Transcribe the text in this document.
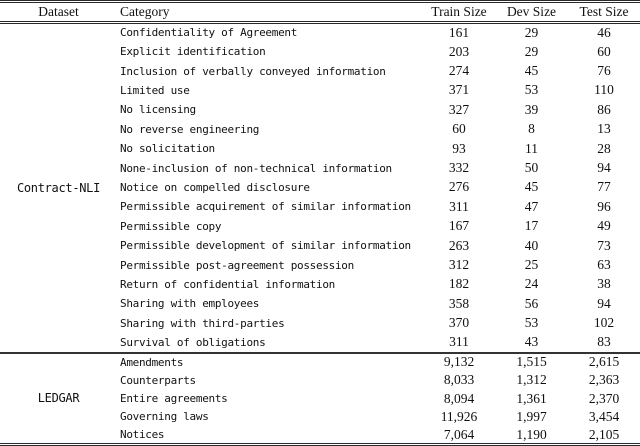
Dataset	Category	Train Size	Dev Size	Test Size
Contract-NLI	Confidentiality of Agreement	161	29	46
	Explicit identification	203	29	60
	Inclusion of verbally conveyed information	274	45	76
	Limited use	371	53	110
	No licensing	327	39	86
	No reverse engineering	60	8	13
	No solicitation	93	11	28
	None-inclusion of non-technical information	332	50	94
	Notice on compelled disclosure	276	45	77
	Permissible acquirement of similar information	311	47	96
	Permissible copy	167	17	49
	Permissible development of similar information	263	40	73
	Permissible post-agreement possession	312	25	63
	Return of confidential information	182	24	38
	Sharing with employees	358	56	94
	Sharing with third-parties	370	53	102
	Survival of obligations	311	43	83
LEDGAR	Amendments	9,132	1,515	2,615
	Counterparts	8,033	1,312	2,363
	Entire agreements	8,094	1,361	2,370
	Governing laws	11,926	1,997	3,454
	Notices	7,064	1,190	2,105
